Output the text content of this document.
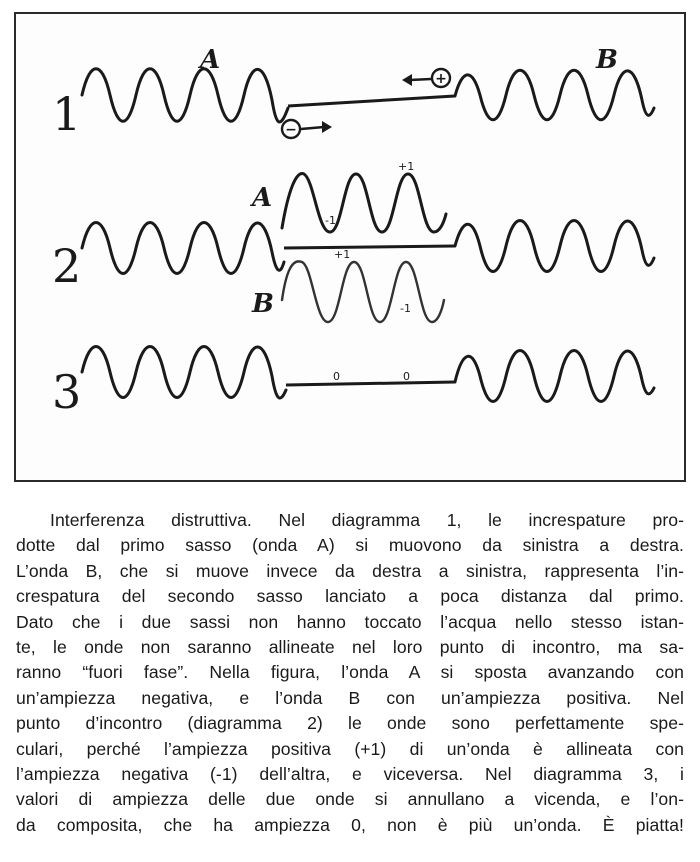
1
A	B
−
+
2
A
+1
-1
B
+1
-1
3	0	0

Interferenza distruttiva. Nel diagramma 1, le increspature pro-
dotte dal primo sasso (onda A) si muovono da sinistra a destra.
L’onda B, che si muove invece da destra a sinistra, rappresenta l’in-
crespatura del secondo sasso lanciato a poca distanza dal primo.
Dato che i due sassi non hanno toccato l’acqua nello stesso istan-
te, le onde non saranno allineate nel loro punto di incontro, ma sa-
ranno “fuori fase”. Nella figura, l’onda A si sposta avanzando con
un’ampiezza negativa, e l’onda B con un’ampiezza positiva. Nel
punto d’incontro (diagramma 2) le onde sono perfettamente spe-
culari, perché l’ampiezza positiva (+1) di un’onda è allineata con
l’ampiezza negativa (-1) dell’altra, e viceversa. Nel diagramma 3, i
valori di ampiezza delle due onde si annullano a vicenda, e l’on-
da composita, che ha ampiezza 0, non è più un’onda. È piatta!
